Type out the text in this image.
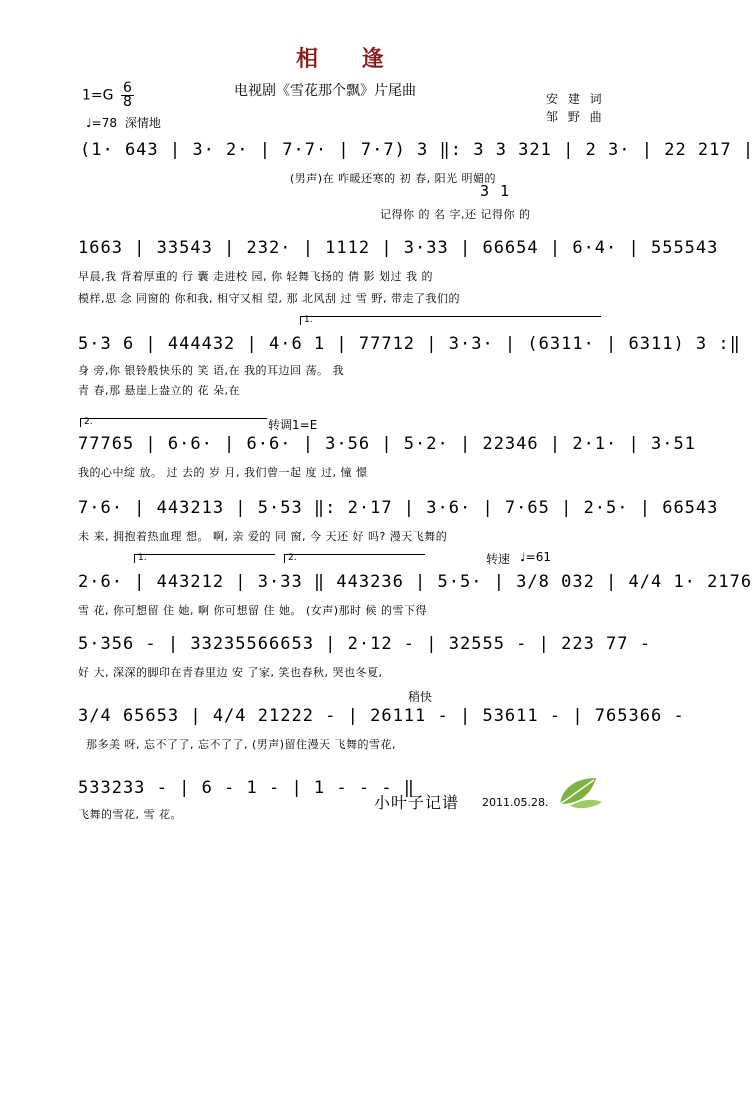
相 逢
电视剧《雪花那个飘》片尾曲
$1=G \frac{6}{8}$
♩=78 深情地
安 建 词
邹 野 曲
(1· 643 | 3· 2· | 7·7· | 7·7) 3 ‖: 3 3 321 | 2 3· | 22 217 |
(男声)在 咋暖还寒的 初 春, 阳光 明媚的
3 1
记得你 的 名 字,还 记得你 的
1663 | 33543 | 232· | 1112 | 3·33 | 66654 | 6·4· | 555543
早晨,我 背着厚重的 行 囊 走进校 园, 你 轻舞飞扬的 倩 影 划过 我 的
模样,思 念 同窗的 你和我, 相守又相 望, 那 北风刮 过 雪 野, 带走了我们的
1.
5·3 6 | 444432 | 4·6 1 | 77712 | 3·3· | (6311· | 6311) 3 :‖
身 旁,你 银铃般快乐的 笑 语,在 我的耳边回 荡。 我
青 春,那 悬崖上盎立的 花 朵,在
2.	转调1=E
77765 | 6·6· | 6·6· | 3·56 | 5·2· | 22346 | 2·1· | 3·51
我的心中绽 放。 过 去的 岁 月, 我们曾一起 度 过, 憧 憬
7·6· | 443213 | 5·53 ‖: 2·17 | 3·6· | 7·65 | 2·5· | 66543
未 来, 拥抱着热血理 想。 啊, 亲 爱的 同 窗, 今 天还 好 吗? 漫天飞舞的
1.	2.	转速 ♩=61
2·6· | 443212 | 3·33 ‖ 443236 | 5·5· | 3/8 032 | 4/4 1· 2176
雪 花, 你可想留 住 她, 啊 你可想留 住 她。 (女声)那时 候 的雪下得
5·356 - | 33235566653 | 2·12 - | 32555 - | 223 77 -
好 大, 深深的脚印在青春里边 安 了家, 笑也春秋, 哭也冬夏,
稍快
3/4 65653 | 4/4 21222 - | 26111 - | 53611 - | 765366 -
那多美 呀, 忘不了了, 忘不了了, (男声)留住漫天 飞舞的雪花,
533233 - | 6 - 1 - | 1 - - - ‖
飞舞的雪花, 雪 花。
小叶子记谱 2011.05.28.
